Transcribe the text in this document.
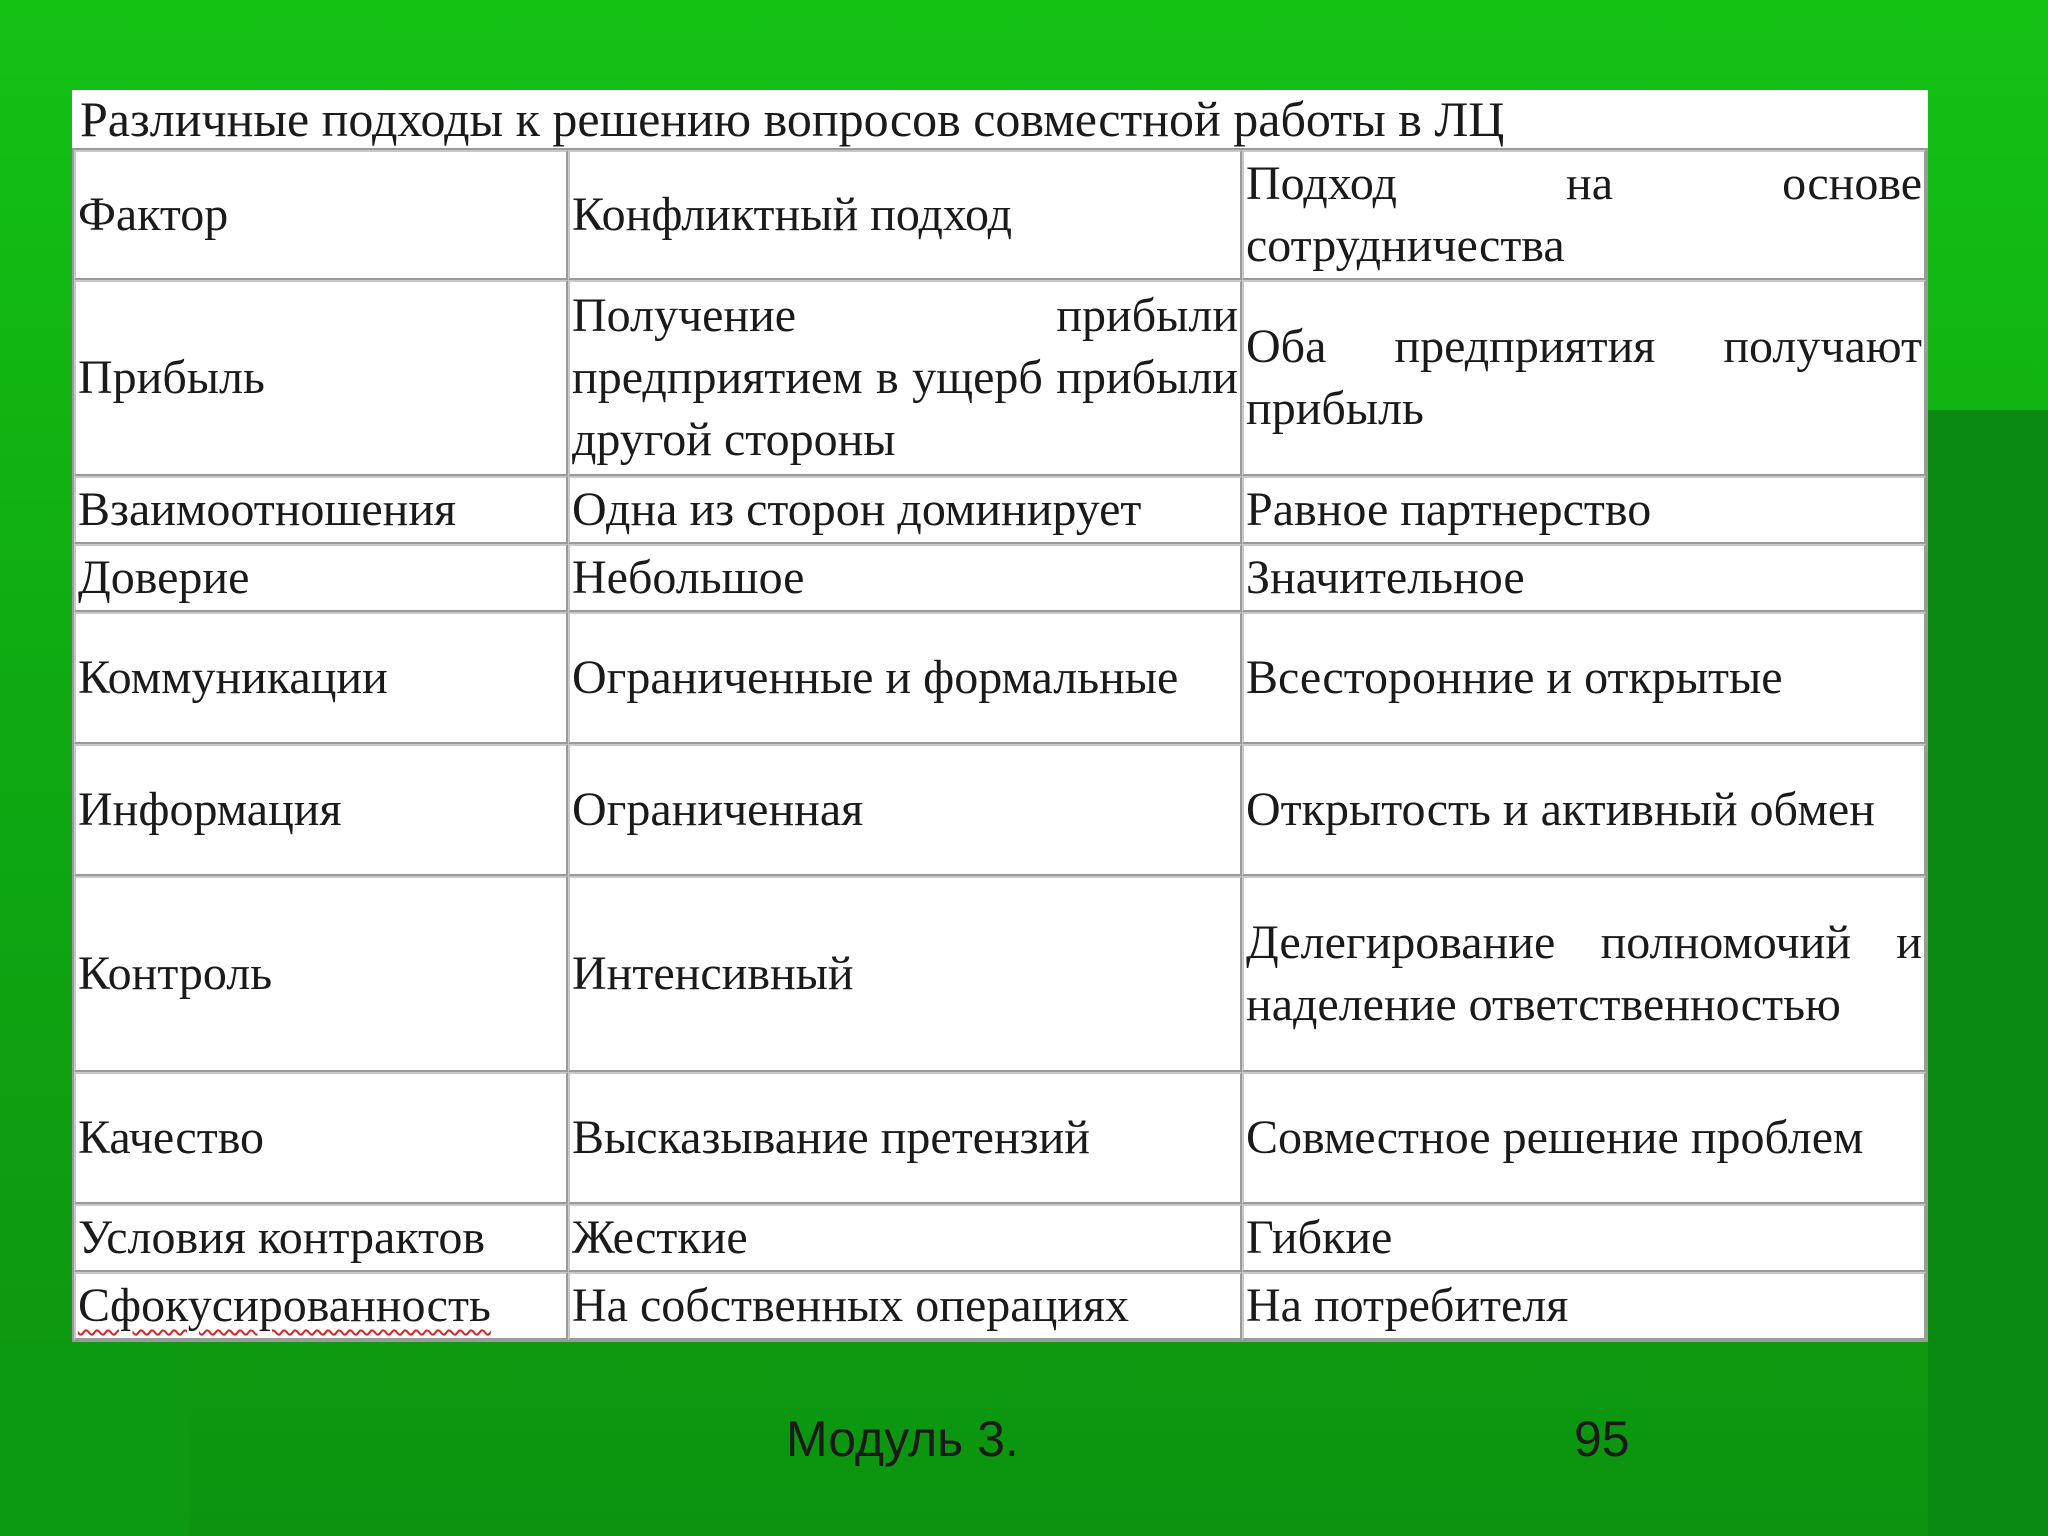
Различные подходы к решению вопросов совместной работы в ЛЦ
Фактор	Конфликтный подход	Подход на основе сотрудничества
Прибыль	Получение прибыли предприятием в ущерб прибыли другой стороны	Оба предприятия получают прибыль
Взаимоотношения	Одна из сторон доминирует	Равное партнерство
Доверие	Небольшое	Значительное
Коммуникации	Ограниченные и формальные	Всесторонние и открытые
Информация	Ограниченная	Открытость и активный обмен
Контроль	Интенсивный	Делегирование полномочий и наделение ответственностью
Качество	Высказывание претензий	Совместное решение проблем
Условия контрактов	Жесткие	Гибкие
Сфокусированность	На собственных операциях	На потребителя
Модуль 3.	95
